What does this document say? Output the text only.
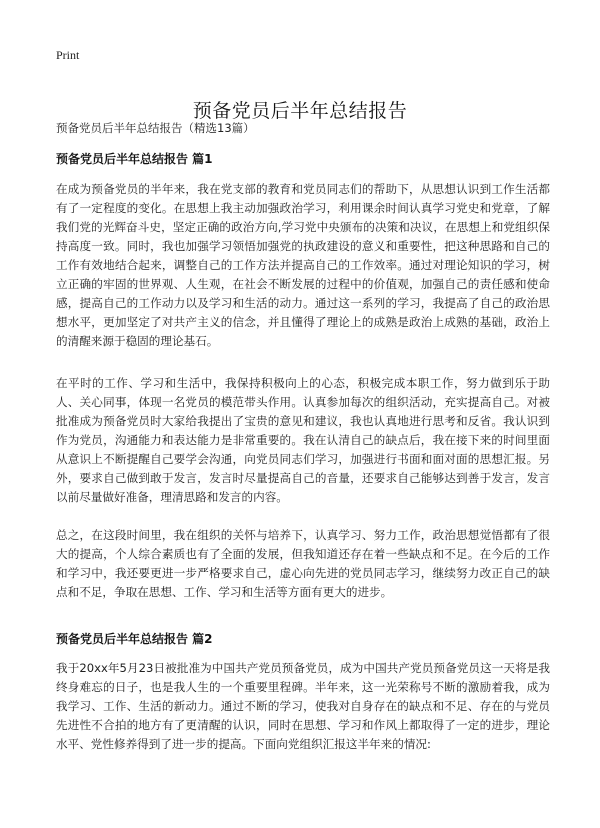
Print
预备党员后半年总结报告
预备党员后半年总结报告（精选13篇）
预备党员后半年总结报告 篇1

在成为预备党员的半年来，我在党支部的教育和党员同志们的帮助下，从思想认识到工作生活都有了一定程度的变化。在思想上我主动加强政治学习，利用课余时间认真学习党史和党章，了解我们党的光辉奋斗史，坚定正确的政治方向,学习党中央颁布的决策和决议，在思想上和党组织保持高度一致。同时，我也加强学习领悟加强党的执政建设的意义和重要性，把这种思路和自己的工作有效地结合起来，调整自己的工作方法并提高自己的工作效率。通过对理论知识的学习，树立正确的牢固的世界观、人生观，在社会不断发展的过程中的价值观，加强自己的责任感和使命感，提高自己的工作动力以及学习和生活的动力。通过这一系列的学习，我提高了自己的政治思想水平，更加坚定了对共产主义的信念，并且懂得了理论上的成熟是政治上成熟的基础，政治上的清醒来源于稳固的理论基石。

在平时的工作、学习和生活中，我保持积极向上的心态，积极完成本职工作，努力做到乐于助人、关心同事，体现一名党员的模范带头作用。认真参加每次的组织活动，充实提高自己。对被批准成为预备党员时大家给我提出了宝贵的意见和建议，我也认真地进行思考和反省。我认识到作为党员，沟通能力和表达能力是非常重要的。我在认清自己的缺点后，我在接下来的时间里面从意识上不断提醒自己要学会沟通，向党员同志们学习，加强进行书面和面对面的思想汇报。另外，要求自己做到敢于发言，发言时尽量提高自己的音量，还要求自己能够达到善于发言，发言以前尽量做好准备，理清思路和发言的内容。

总之，在这段时间里，我在组织的关怀与培养下，认真学习、努力工作，政治思想觉悟都有了很大的提高，个人综合素质也有了全面的发展，但我知道还存在着一些缺点和不足。在今后的工作和学习中，我还要更进一步严格要求自己，虚心向先进的党员同志学习，继续努力改正自己的缺点和不足，争取在思想、工作、学习和生活等方面有更大的进步。

预备党员后半年总结报告 篇2

我于20xx年5月23日被批准为中国共产党员预备党员，成为中国共产党员预备党员这一天将是我终身难忘的日子，也是我人生的一个重要里程碑。半年来，这一光荣称号不断的激励着我，成为我学习、工作、生活的新动力。通过不断的学习，使我对自身存在的缺点和不足、存在的与党员先进性不合拍的地方有了更清醒的认识，同时在思想、学习和作风上都取得了一定的进步，理论水平、党性修养得到了进一步的提高。下面向党组织汇报这半年来的情况:
